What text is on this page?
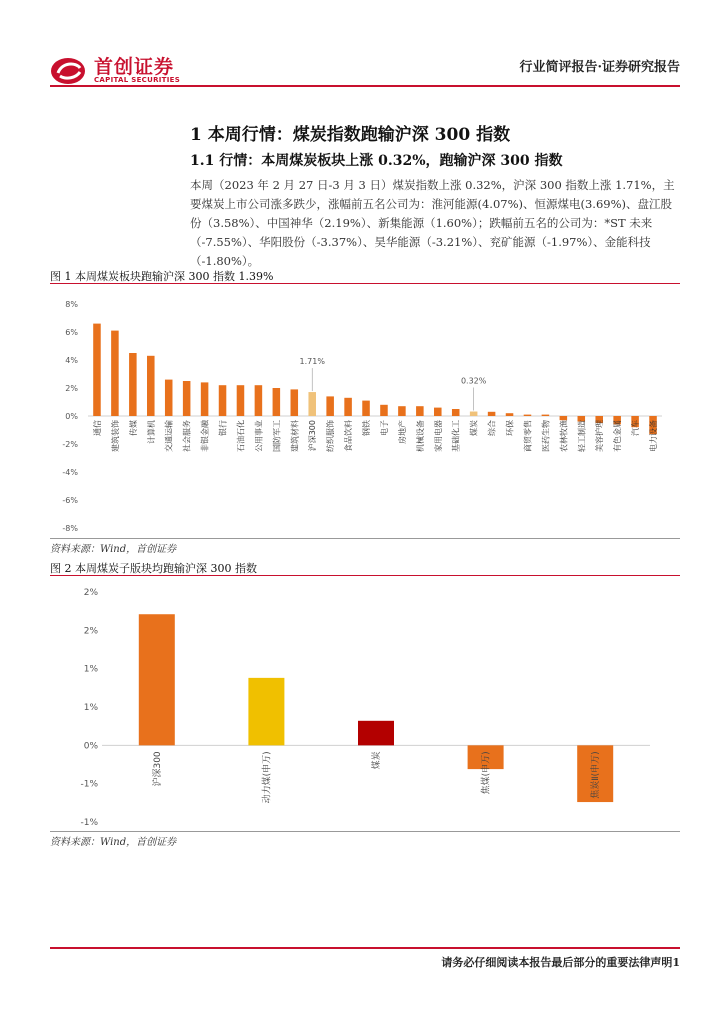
首创证券
CAPITAL SECURITIES
行业简评报告·证券研究报告
1 本周行情：煤炭指数跑输沪深 300 指数
1.1 行情：本周煤炭板块上涨 0.32%，跑输沪深 300 指数
本周（2023 年 2 月 27 日-3 月 3 日）煤炭指数上涨 0.32%，沪深 300 指数上涨 1.71%，主要煤炭上市公司涨多跌少，涨幅前五名公司为：淮河能源(4.07%)、恒源煤电(3.69%)、盘江股份（3.58%）、中国神华（2.19%）、新集能源（1.60%）；跌幅前五名的公司为：*ST 未来（-7.55%）、华阳股份（-3.37%）、昊华能源（-3.21%）、兖矿能源（-1.97%）、金能科技（-1.80%）。
图 1 本周煤炭板块跑输沪深 300 指数 1.39%
8%
6%
4%
2%
0%
-2%
-4%
-6%
-8%
通信 建筑装饰 传媒 计算机 交通运输 社会服务 非银金融 银行 石油石化 公用事业 国防军工 建筑材料
1.71%
沪深300 纺织服饰 食品饮料 钢铁 电子 房地产 机械设备 家用电器 基础化工
0.32%
煤炭 综合 环保 商贸零售 医药生物 农林牧渔 轻工制造 美容护理 有色金属 汽车 电力设备
资料来源：Wind，首创证券
图 2 本周煤炭子版块均跑输沪深 300 指数
2%
2%
1%
1%
0%
-1%
-1%
沪深300	动力煤(申万)	煤炭	焦煤(申万)	焦炭Ⅱ(申万)
资料来源：Wind，首创证券
请务必仔细阅读本报告最后部分的重要法律声明1
